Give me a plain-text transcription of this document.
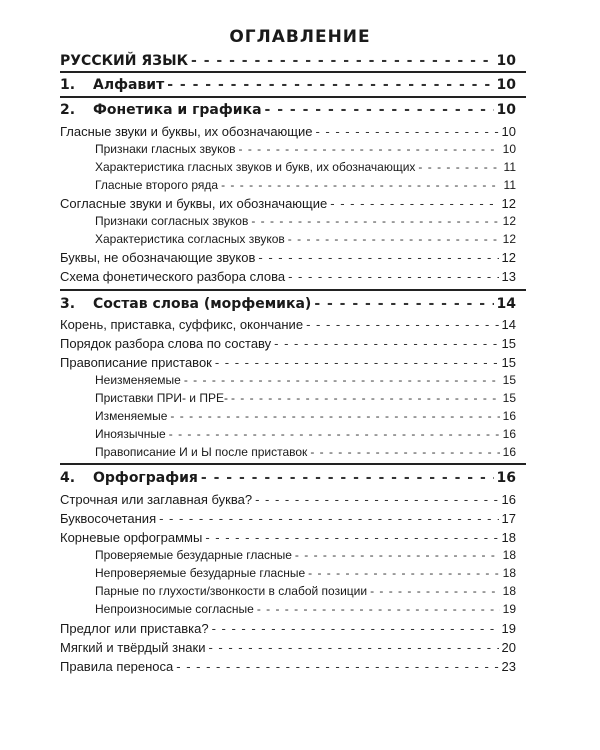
ОГЛАВЛЕНИЕ
РУССКИЙ ЯЗЫК - - -	10
1. Алфавит - - -	10
2. Фонетика и графика - - -	10
Гласные звуки и буквы, их обозначающие - - -	10
Признаки гласных звуков - - -	10
Характеристика гласных звуков и букв, их обозначающих - - -	11
Гласные второго ряда - - -	11
Согласные звуки и буквы, их обозначающие - - -	12
Признаки согласных звуков - - -	12
Характеристика согласных звуков - - -	12
Буквы, не обозначающие звуков - - -	12
Схема фонетического разбора слова - - -	13
3. Состав слова (морфемика) - - -	14
Корень, приставка, суффикс, окончание - - -	14
Порядок разбора слова по составу - - -	15
Правописание приставок - - -	15
Неизменяемые - - -	15
Приставки ПРИ- и ПРЕ- - - -	15
Изменяемые - - -	16
Иноязычные - - -	16
Правописание И и Ы после приставок - - -	16
4. Орфография - - -	16
Строчная или заглавная буква? - - -	16
Буквосочетания - - -	17
Корневые орфограммы - - -	18
Проверяемые безударные гласные - - -	18
Непроверяемые безударные гласные - - -	18
Парные по глухости/звонкости в слабой позиции - - -	18
Непроизносимые согласные - - -	19
Предлог или приставка? - - -	19
Мягкий и твёрдый знаки - - -	20
Правила переноса - - -	23
